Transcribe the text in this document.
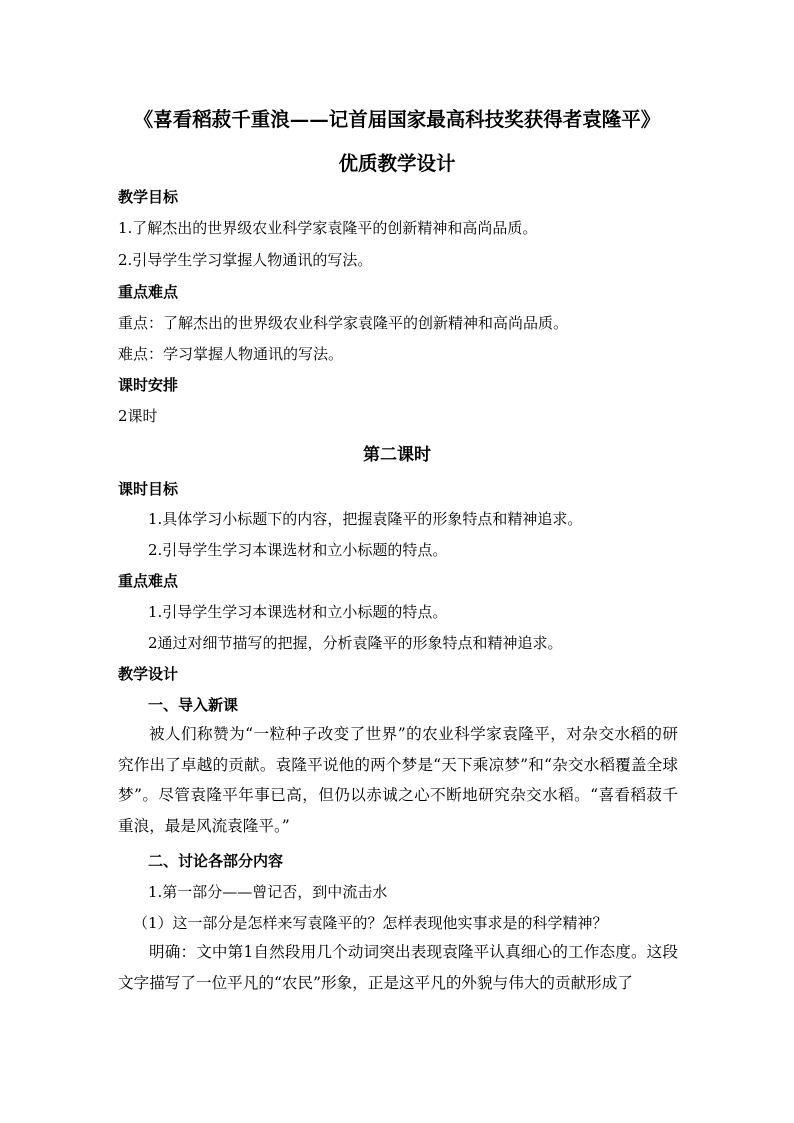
《喜看稻菽千重浪——记首届国家最高科技奖获得者袁隆平》
优质教学设计
教学目标
1.了解杰出的世界级农业科学家袁隆平的创新精神和高尚品质。
2.引导学生学习掌握人物通讯的写法。
重点难点
重点：了解杰出的世界级农业科学家袁隆平的创新精神和高尚品质。
难点：学习掌握人物通讯的写法。
课时安排
2课时
第二课时
课时目标
1.具体学习小标题下的内容，把握袁隆平的形象特点和精神追求。
2.引导学生学习本课选材和立小标题的特点。
重点难点
1.引导学生学习本课选材和立小标题的特点。
2通过对细节描写的把握，分析袁隆平的形象特点和精神追求。
教学设计
一、导入新课
被人们称赞为“一粒种子改变了世界”的农业科学家袁隆平，对杂交水稻的研究作出了卓越的贡献。袁隆平说他的两个梦是“天下乘凉梦”和“杂交水稻覆盖全球梦”。尽管袁隆平年事已高，但仍以赤诚之心不断地研究杂交水稻。“喜看稻菽千重浪，最是风流袁隆平。”
二、讨论各部分内容
1.第一部分——曾记否，到中流击水
（1）这一部分是怎样来写袁隆平的？怎样表现他实事求是的科学精神？
明确：文中第1自然段用几个动词突出表现袁隆平认真细心的工作态度。这段文字描写了一位平凡的“农民”形象，正是这平凡的外貌与伟大的贡献形成了
